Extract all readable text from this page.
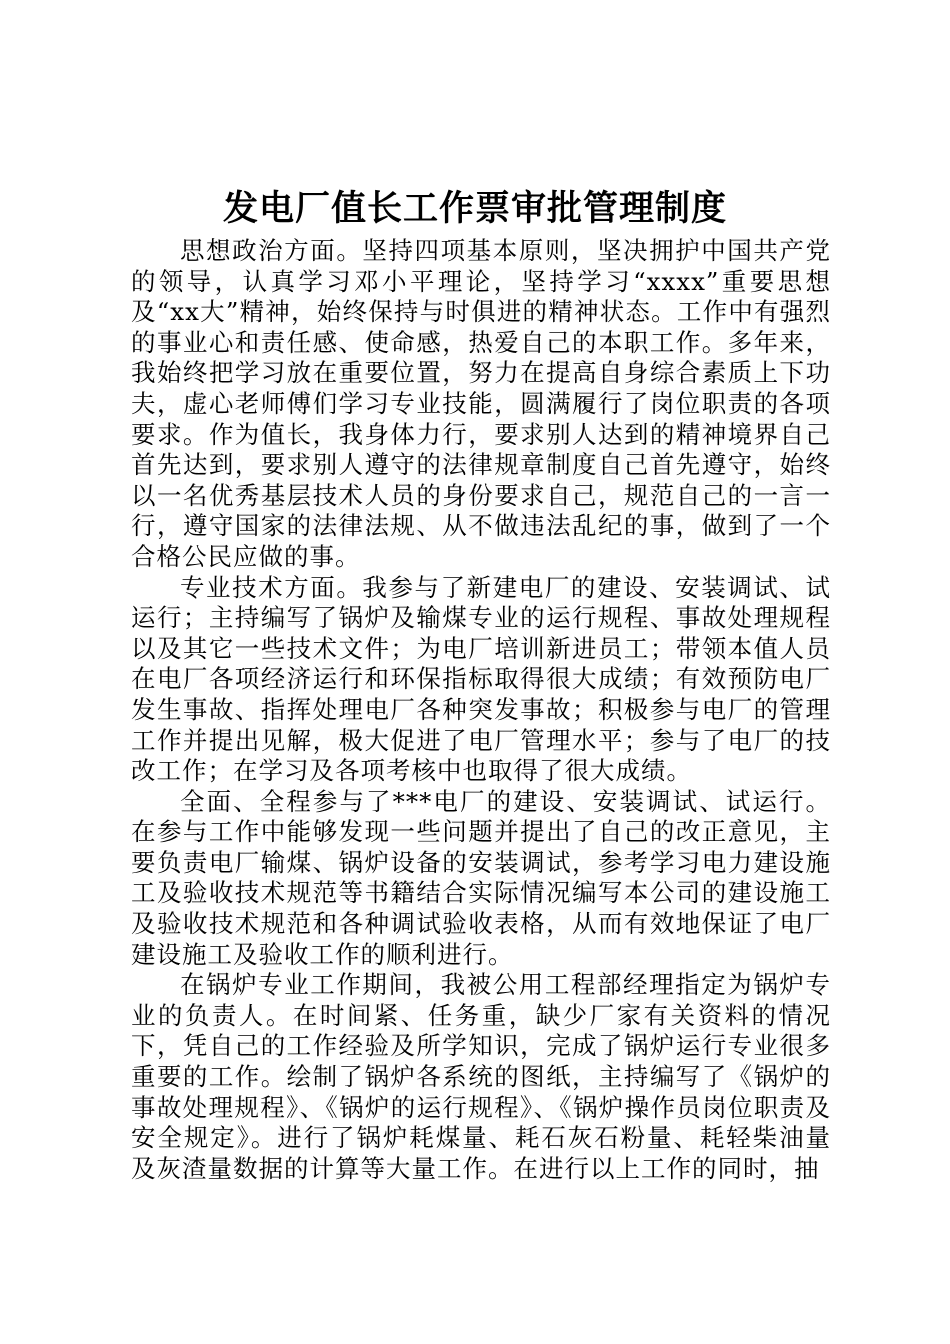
发电厂值长工作票审批管理制度

思想政治方面。坚持四项基本原则，坚决拥护中国共产党的领导，认真学习邓小平理论，坚持学习“xxxx”重要思想及“xx大”精神，始终保持与时俱进的精神状态。工作中有强烈的事业心和责任感、使命感，热爱自己的本职工作。多年来，我始终把学习放在重要位置，努力在提高自身综合素质上下功夫，虚心老师傅们学习专业技能，圆满履行了岗位职责的各项要求。作为值长，我身体力行，要求别人达到的精神境界自己首先达到，要求别人遵守的法律规章制度自己首先遵守，始终以一名优秀基层技术人员的身份要求自己，规范自己的一言一行，遵守国家的法律法规、从不做违法乱纪的事，做到了一个合格公民应做的事。

专业技术方面。我参与了新建电厂的建设、安装调试、试运行；主持编写了锅炉及输煤专业的运行规程、事故处理规程以及其它一些技术文件；为电厂培训新进员工；带领本值人员在电厂各项经济运行和环保指标取得很大成绩；有效预防电厂发生事故、指挥处理电厂各种突发事故；积极参与电厂的管理工作并提出见解，极大促进了电厂管理水平；参与了电厂的技改工作；在学习及各项考核中也取得了很大成绩。

全面、全程参与了***电厂的建设、安装调试、试运行。在参与工作中能够发现一些问题并提出了自己的改正意见，主要负责电厂输煤、锅炉设备的安装调试，参考学习电力建设施工及验收技术规范等书籍结合实际情况编写本公司的建设施工及验收技术规范和各种调试验收表格，从而有效地保证了电厂建设施工及验收工作的顺利进行。

在锅炉专业工作期间，我被公用工程部经理指定为锅炉专业的负责人。在时间紧、任务重，缺少厂家有关资料的情况下，凭自己的工作经验及所学知识，完成了锅炉运行专业很多重要的工作。绘制了锅炉各系统的图纸，主持编写了《锅炉的事故处理规程》、《锅炉的运行规程》、《锅炉操作员岗位职责及安全规定》。进行了锅炉耗煤量、耗石灰石粉量、耗轻柴油量及灰渣量数据的计算等大量工作。在进行以上工作的同时，抽
